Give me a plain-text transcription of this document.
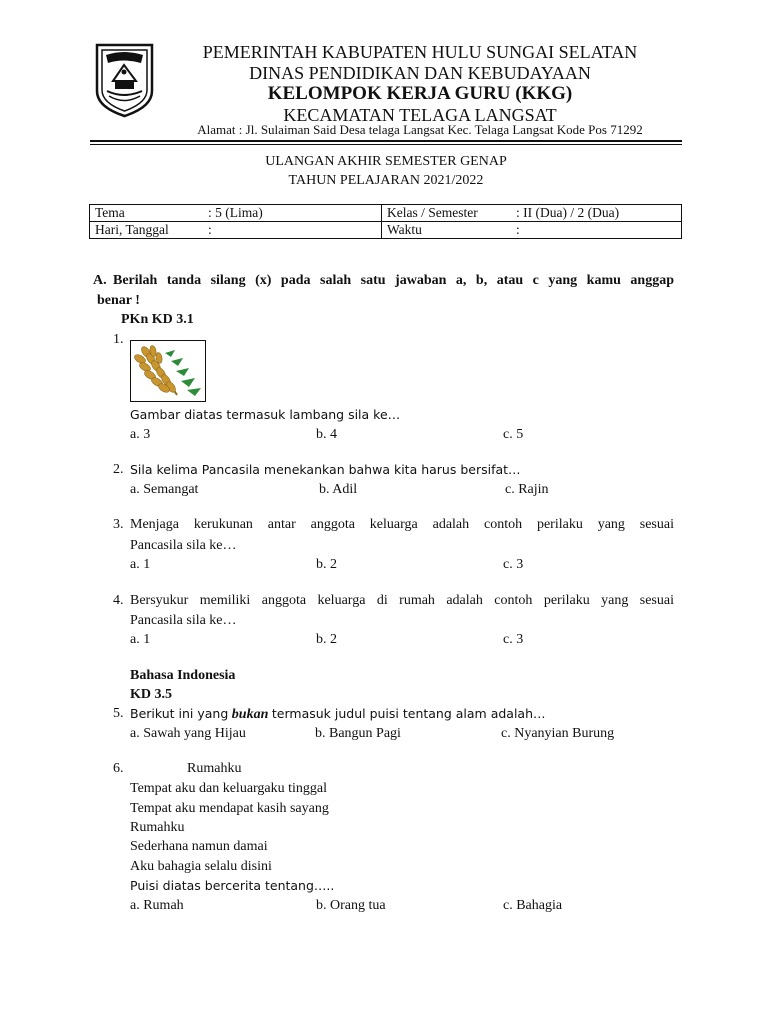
PEMERINTAH KABUPATEN HULU SUNGAI SELATAN
DINAS PENDIDIKAN DAN KEBUDAYAAN
KELOMPOK KERJA GURU (KKG)
KECAMATAN TELAGA LANGSAT
Alamat : Jl. Sulaiman Said Desa telaga Langsat Kec. Telaga Langsat Kode Pos 71292
ULANGAN AKHIR SEMESTER GENAP
TAHUN PELAJARAN 2021/2022
Tema : 5 (Lima)	Kelas / Semester : II (Dua) / 2 (Dua)
Hari, Tanggal :	Waktu :
A. Berilah tanda silang (x) pada salah satu jawaban a, b, atau c yang kamu anggap
benar !
PKn KD 3.1
1.
Gambar diatas termasuk lambang sila ke…
a. 3	b. 4	c. 5
2. Sila kelima Pancasila menekankan bahwa kita harus bersifat…
a. Semangat	b. Adil	c. Rajin
3. Menjaga kerukunan antar anggota keluarga adalah contoh perilaku yang sesuai
Pancasila sila ke…
a. 1	b. 2	c. 3
4. Bersyukur memiliki anggota keluarga di rumah adalah contoh perilaku yang sesuai
Pancasila sila ke…
a. 1	b. 2	c. 3
Bahasa Indonesia
KD 3.5
5. Berikut ini yang bukan termasuk judul puisi tentang alam adalah…
a. Sawah yang Hijau	b. Bangun Pagi	c. Nyanyian Burung
6.	Rumahku
Tempat aku dan keluargaku tinggal
Tempat aku mendapat kasih sayang
Rumahku
Sederhana namun damai
Aku bahagia selalu disini
Puisi diatas bercerita tentang…..
a. Rumah	b. Orang tua	c. Bahagia
